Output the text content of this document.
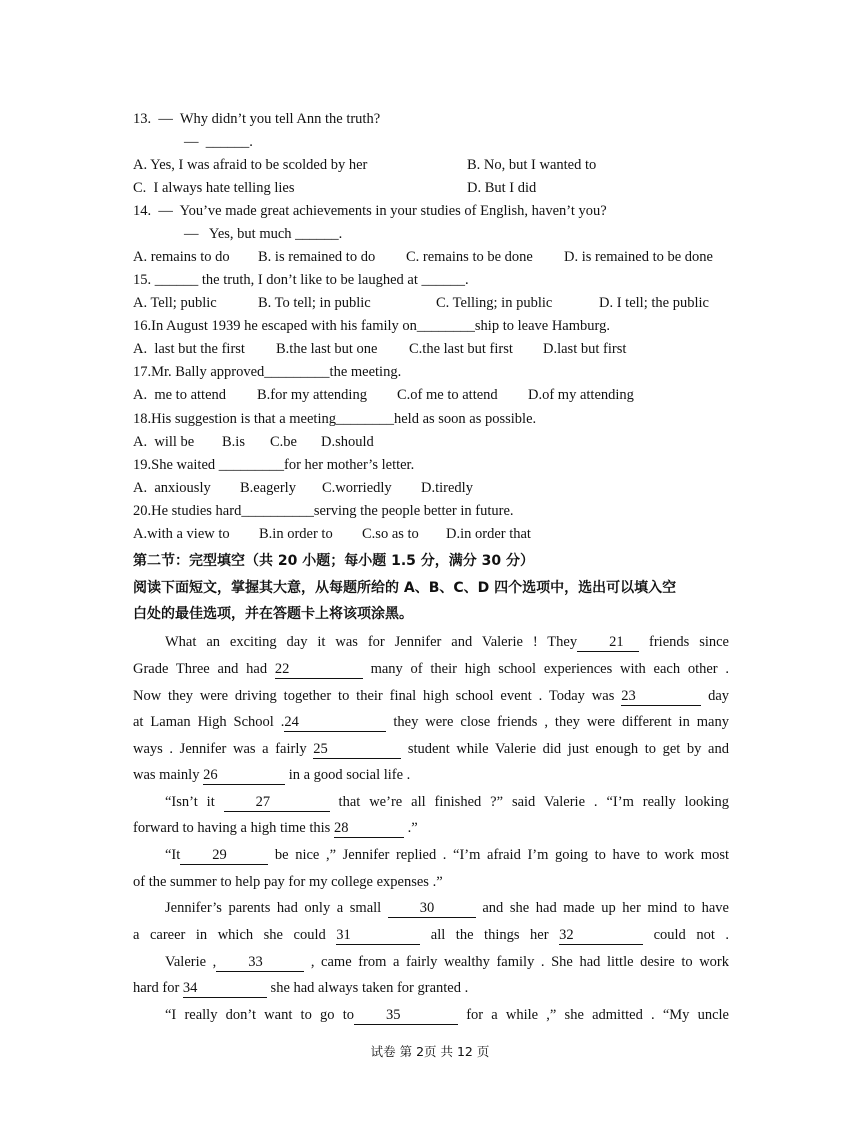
13.  —  Why didn’t you tell Ann the truth?
—  ______.
A. Yes, I was afraid to be scolded by her	B. No, but I wanted to
C.  I always hate telling lies	D. But I did
14.  —  You’ve made great achievements in your studies of English, haven’t you?
—   Yes, but much ______.
A. remains to do B. is remained to do C. remains to be done D. is remained to be done
15. ______ the truth, I don’t like to be laughed at ______.
A. Tell; public	B. To tell; in public	C. Telling; in public	D. I tell; the public
16.In August 1939 he escaped with his family on________ship to leave Hamburg.
A.  last but the first B.the last but one C.the last but first D.last but first
17.Mr. Bally approved_________the meeting.
A.  me to attend B.for my attending C.of me to attend D.of my attending
18.His suggestion is that a meeting________held as soon as possible.
A.  will be B.is C.be D.should
19.She waited _________for her mother’s letter.
A.  anxiously B.eagerly C.worriedly D.tiredly
20.He studies hard__________serving the people better in future.
A.with a view to B.in order to C.so as to D.in order that
第二节：完型填空（共 20 小题；每小题 1.5 分，满分 30 分）
阅读下面短文，掌握其大意，从每题所给的 A、B、C、D 四个选项中，选出可以填入空
白处的最佳选项，并在答题卡上将该项涂黑。
What an exciting day it was for Jennifer and Valerie ! They 21 friends since
Grade Three and had 22	many of their high school experiences with each other .
Now they were driving together to their final high school event . Today was 23	day
at Laman High School .24	they were close friends , they were different in many
ways . Jennifer was a fairly 25	student while Valerie did just enough to get by and
was mainly 26	in a good social life .
“Isn’t it 27	that we’re all finished ?” said Valerie . “I’m really looking
forward to having a high time this 28	.”
“It 29	be nice ,” Jennifer replied . “I’m afraid I’m going to have to work most
of the summer to help pay for my college expenses .”
Jennifer’s parents had only a small 30	and she had made up her mind to have
a career in which she could 31	all the things her 32	could not .
Valerie , 33	, came from a fairly wealthy family . She had little desire to work
hard for 34	she had always taken for granted .
“I really don’t want to go to 35	for a while ,” she admitted . “My uncle
试卷 第 2页 共 12 页
